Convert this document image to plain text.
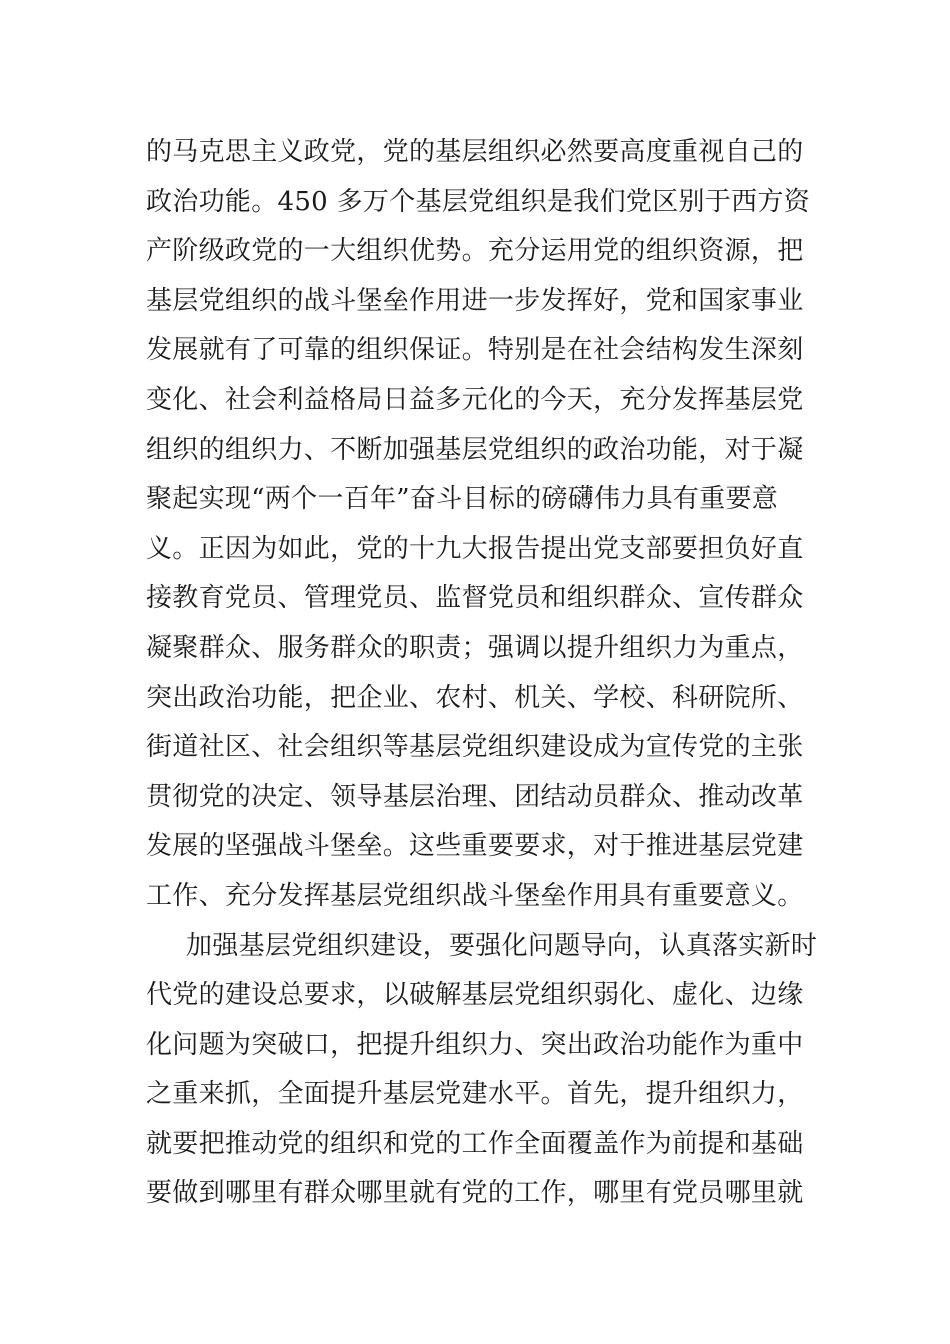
的马克思主义政党，党的基层组织必然要高度重视自己的
政治功能。450 多万个基层党组织是我们党区别于西方资
产阶级政党的一大组织优势。充分运用党的组织资源，把
基层党组织的战斗堡垒作用进一步发挥好，党和国家事业
发展就有了可靠的组织保证。特别是在社会结构发生深刻
变化、社会利益格局日益多元化的今天，充分发挥基层党
组织的组织力、不断加强基层党组织的政治功能，对于凝
聚起实现“两个一百年”奋斗目标的磅礴伟力具有重要意
义。正因为如此，党的十九大报告提出党支部要担负好直
接教育党员、管理党员、监督党员和组织群众、宣传群众
凝聚群众、服务群众的职责；强调以提升组织力为重点，
突出政治功能，把企业、农村、机关、学校、科研院所、
街道社区、社会组织等基层党组织建设成为宣传党的主张
贯彻党的决定、领导基层治理、团结动员群众、推动改革
发展的坚强战斗堡垒。这些重要要求，对于推进基层党建
工作、充分发挥基层党组织战斗堡垒作用具有重要意义。
加强基层党组织建设，要强化问题导向，认真落实新时
代党的建设总要求，以破解基层党组织弱化、虚化、边缘
化问题为突破口，把提升组织力、突出政治功能作为重中
之重来抓，全面提升基层党建水平。首先，提升组织力，
就要把推动党的组织和党的工作全面覆盖作为前提和基础
要做到哪里有群众哪里就有党的工作，哪里有党员哪里就
